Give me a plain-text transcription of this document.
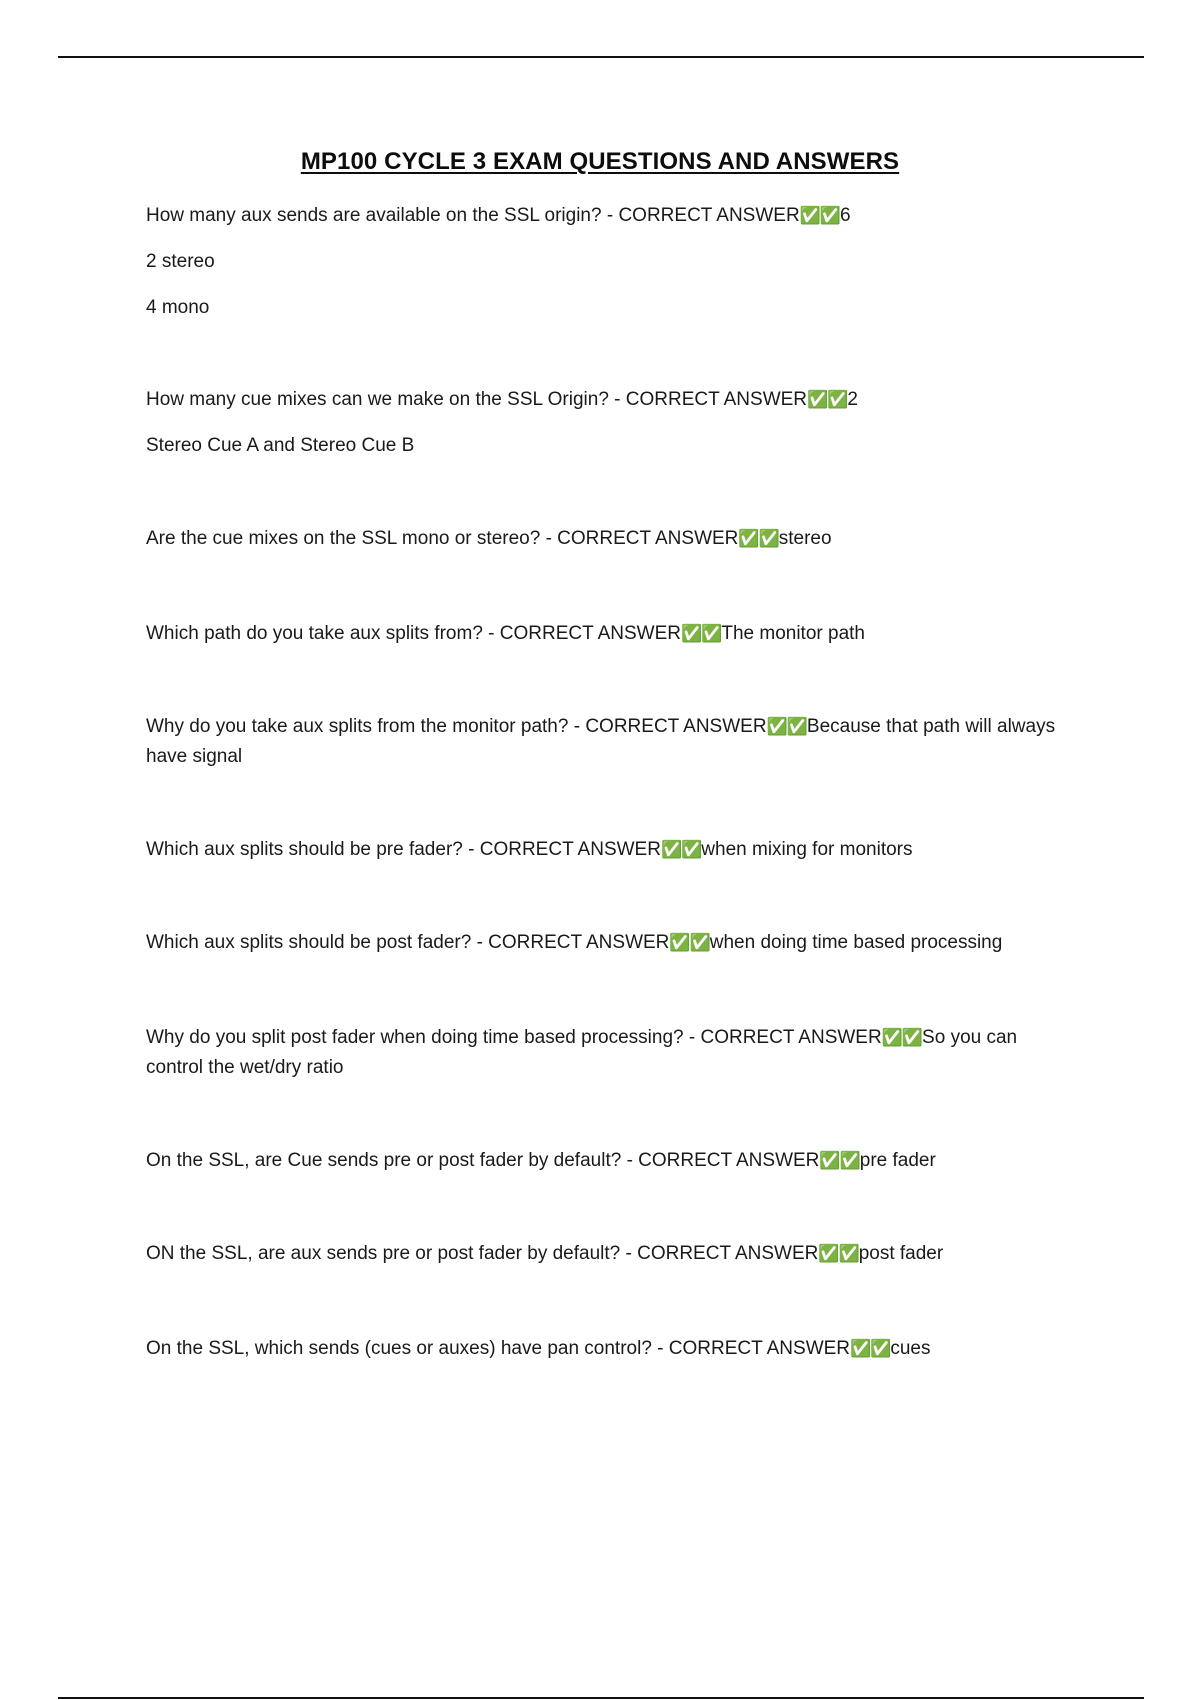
MP100 CYCLE 3 EXAM QUESTIONS AND ANSWERS

How many aux sends are available on the SSL origin? - CORRECT ANSWER✅✅6

2 stereo

4 mono

How many cue mixes can we make on the SSL Origin? - CORRECT ANSWER✅✅2

Stereo Cue A and Stereo Cue B

Are the cue mixes on the SSL mono or stereo? - CORRECT ANSWER✅✅stereo

Which path do you take aux splits from? - CORRECT ANSWER✅✅The monitor path

Why do you take aux splits from the monitor path? - CORRECT ANSWER✅✅Because that path will always have signal

Which aux splits should be pre fader? - CORRECT ANSWER✅✅when mixing for monitors

Which aux splits should be post fader? - CORRECT ANSWER✅✅when doing time based processing

Why do you split post fader when doing time based processing? - CORRECT ANSWER✅✅So you can control the wet/dry ratio

On the SSL, are Cue sends pre or post fader by default? - CORRECT ANSWER✅✅pre fader

ON the SSL, are aux sends pre or post fader by default? - CORRECT ANSWER✅✅post fader

On the SSL, which sends (cues or auxes) have pan control? - CORRECT ANSWER✅✅cues
